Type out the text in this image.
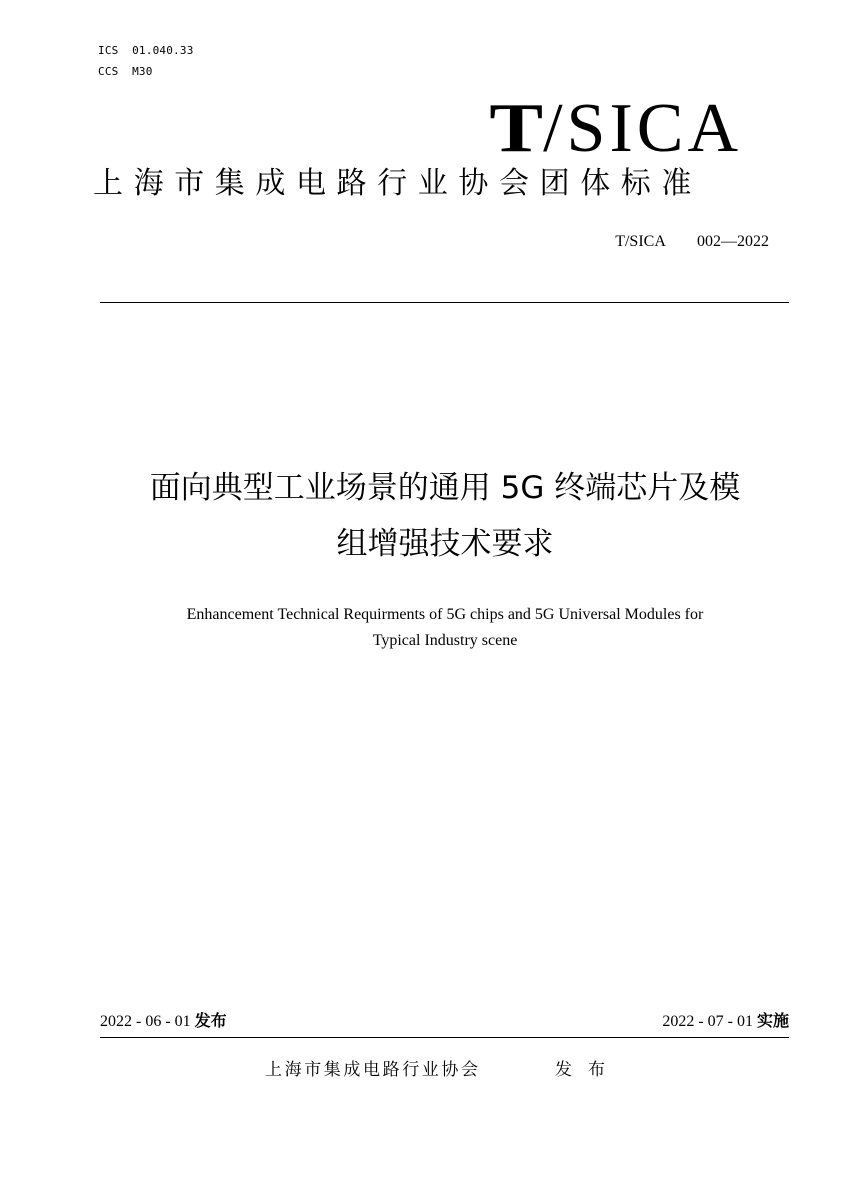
ICS  01.040.33
CCS  M30
T/SICA
上海市集成电路行业协会团体标准
T/SICA 002—2022
面向典型工业场景的通用 5G 终端芯片及模
组增强技术要求
Enhancement Technical Requirments of 5G chips and 5G Universal Modules for
Typical Industry scene
2022 - 06 - 01 发布	2022 - 07 - 01 实施
上海市集成电路行业协会	发布
